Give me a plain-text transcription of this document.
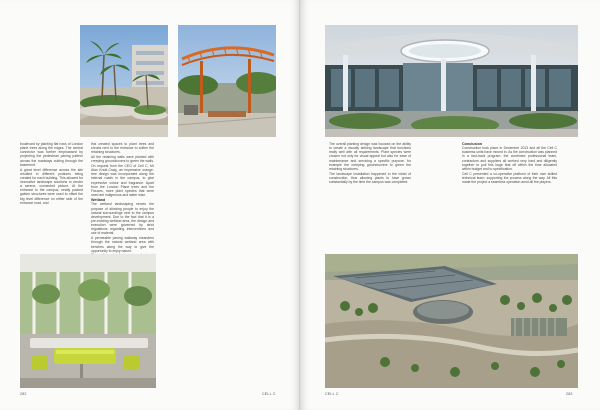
boulevard by planting flat rows of London plane trees along the edges. The central connector was further emphasised by projecting the pedestrian paving pattern across the roadways cutting through the basement.

A great level difference across the site resulted in different podiums being created for each building. This allowed for innovative landscape solutions to render a serene, connected picture. At the entrance to the campus, neatly packed gabion structures were used to offset the big level difference on either side of the entrance road, and

this created spaces to plant trees and shrubs next to the entrance to soften the retaining structures.

All the retaining walls were planted with creeping groundcovers to green the walls.

On request from the CEO of Cell C, Mr Alan Knott-Craig, an impressive orange-tree design was incorporated along the internal roads in the campus, to give expressive colour and fragrance. Apart from the London Plane trees and the Ficuses, more plant species that were used are indigenous and water wise.

Wetland

The wetland landscaping serves the purpose of allowing people to enjoy the natural surroundings next to the campus development. Due to the fact that it is a pre-existing wetland area, the design and execution were governed by strict regulations regarding interventions and use of material.

A permeable paving walkway meanders through the natural wetland area with benches along the way to give the opportunity to enjoy nature.

282	CELL C

The overall planting design was focused on the ability to create a visually striking landscape that functions really well with all requirements. Plant species were chosen not only for visual appeal but also for ease of maintenance and servicing a specific purpose, for example the creeping groundcovers to green the retaining structures.

The landscape installation happened in the midst of construction, thus allowing plants to have grown substantially by the time the campus was completed.

Conclusion

Construction took place in December 2013 and all the Cell C business units have moved in. As the construction was planned in a fast-track program, the combined professional team, contractors and suppliers all worked very hard and diligently together to pull this huge feat off within the time allocated within budget and to specification.

Cell C presented a co-operative platform of their own skilled technical team, supporting the process along the way. All this made the project a seamless operation amid all the players.

CELL C	283
